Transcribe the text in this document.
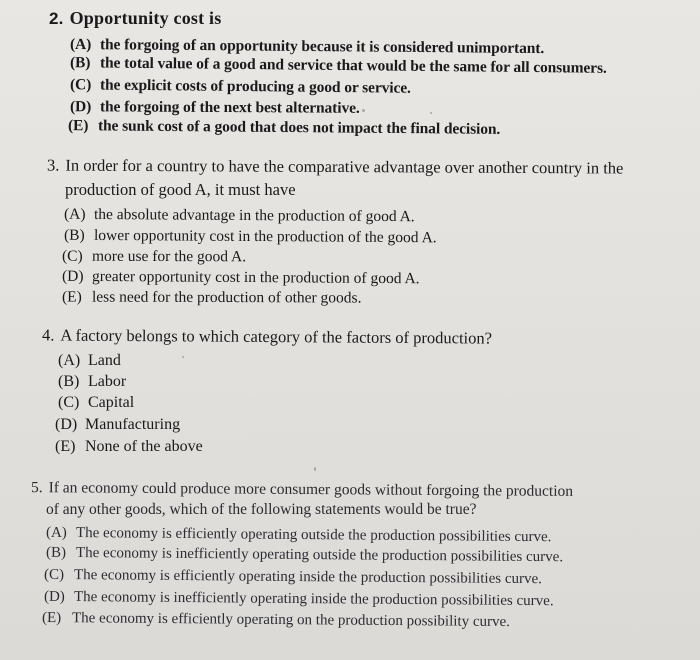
2. Opportunity cost is
(A) the forgoing of an opportunity because it is considered unimportant.
(B) the total value of a good and service that would be the same for all consumers.
(C) the explicit costs of producing a good or service.
(D) the forgoing of the next best alternative.
(E) the sunk cost of a good that does not impact the final decision.
3. In order for a country to have the comparative advantage over another country in the
production of good A, it must have
(A) the absolute advantage in the production of good A.
(B) lower opportunity cost in the production of the good A.
(C) more use for the good A.
(D) greater opportunity cost in the production of good A.
(E) less need for the production of other goods.
4. A factory belongs to which category of the factors of production?
(A) Land
(B) Labor
(C) Capital
(D) Manufacturing
(E) None of the above
5. If an economy could produce more consumer goods without forgoing the production
of any other goods, which of the following statements would be true?
(A) The economy is efficiently operating outside the production possibilities curve.
(B) The economy is inefficiently operating outside the production possibilities curve.
(C) The economy is efficiently operating inside the production possibilities curve.
(D) The economy is inefficiently operating inside the production possibilities curve.
(E) The economy is efficiently operating on the production possibility curve.
